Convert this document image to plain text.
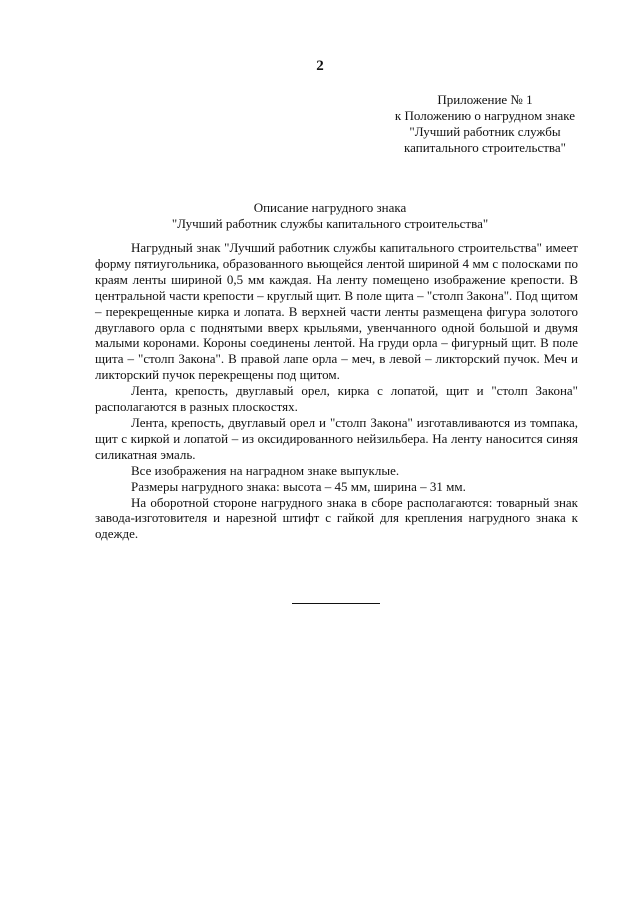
2
Приложение № 1
к Положению о нагрудном знаке
"Лучший работник службы
капитального строительства"
Описание нагрудного знака
"Лучший работник службы капитального строительства"

Нагрудный знак "Лучший работник службы капитального строительства" имеет форму пятиугольника, образованного вьющейся лентой шириной 4 мм с полосками по краям ленты шириной 0,5 мм каждая. На ленту помещено изображение крепости. В центральной части крепости – круглый щит. В поле щита – "столп Закона". Под щитом – перекрещенные кирка и лопата. В верхней части ленты размещена фигура золотого двуглавого орла с поднятыми вверх крыльями, увенчанного одной большой и двумя малыми коронами. Короны соединены лентой. На груди орла – фигурный щит. В поле щита – "столп Закона". В правой лапе орла – меч, в левой – ликторский пучок. Меч и ликторский пучок перекрещены под щитом.

Лента, крепость, двуглавый орел, кирка с лопатой, щит и "столп Закона" располагаются в разных плоскостях.

Лента, крепость, двуглавый орел и "столп Закона" изготавливаются из томпака, щит с киркой и лопатой – из оксидированного нейзильбера. На ленту наносится синяя силикатная эмаль.

Все изображения на наградном знаке выпуклые.

Размеры нагрудного знака: высота – 45 мм, ширина – 31 мм.

На оборотной стороне нагрудного знака в сборе располагаются: товарный знак завода-изготовителя и нарезной штифт с гайкой для крепления нагрудного знака к одежде.
